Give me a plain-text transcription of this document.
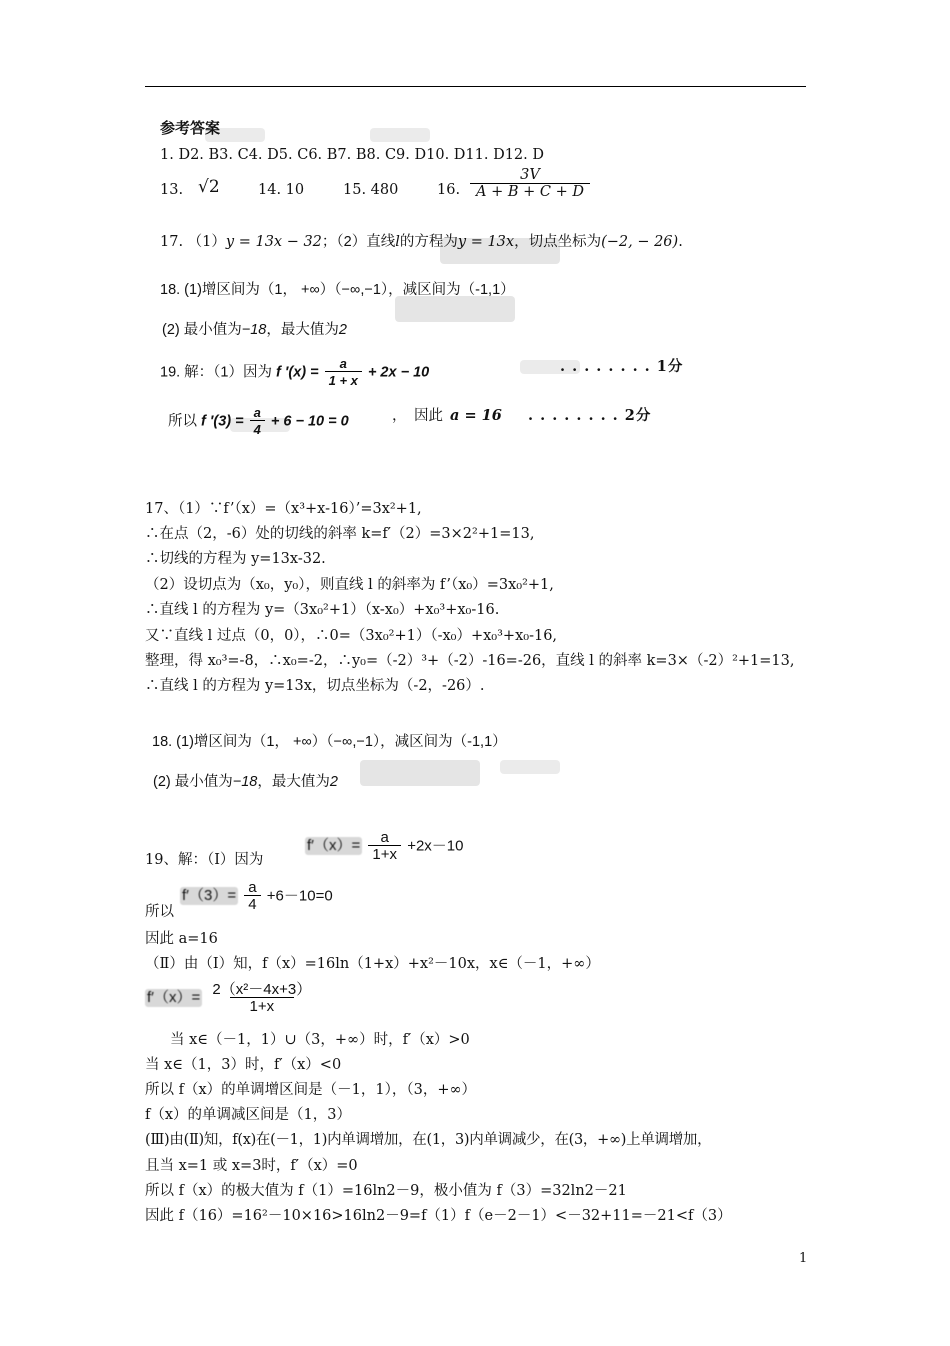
参考答案
1. D2. B3. C4. D5. C6. B7. B8. C9. D10. D11. D12. D
13. √2	14. 10	15. 480	16. $\frac{3V}{A + B + C + D}$
17. （1）y = 13x − 32；（2）直线l的方程为y = 13x，切点坐标为(−2, − 26).
18. (1)增区间为（1， +∞）（−∞,−1），减区间为（-1,1）
(2) 最小值为−18，最大值为2
19. 解：（1）因为 f $'(x) = \frac{a}{1 + x} + 2x - 10$	. . . . . . . . 1分
所以 f $'(3) = \frac{a}{4} + 6 - 10 = 0$	， 因此 a = 16 . . . . . . . . 2分
17、（1）∵f’（x）=（x³+x-16）’=3x²+1,
∴在点（2，-6）处的切线的斜率 k=f′（2）=3×2²+1=13,
∴切线的方程为 y=13x-32.
（2）设切点为（x₀，y₀），则直线 l 的斜率为 f’（x₀）=3x₀²+1,
∴直线 l 的方程为 y=（3x₀²+1）（x-x₀）+x₀³+x₀-16.
又∵直线 l 过点（0，0），∴0=（3x₀²+1）（-x₀）+x₀³+x₀-16,
整理，得 x₀³=-8，∴x₀=-2，∴y₀=（-2）³+（-2）-16=-26，直线 l 的斜率 k=3×（-2）²+1=13,
∴直线 l 的方程为 y=13x，切点坐标为（-2，-26）.
18. (1)增区间为（1， +∞）（−∞,−1），减区间为（-1,1）
(2) 最小值为−18，最大值为2
19、解：（Ⅰ）因为
$f'(x)= \frac{a}{1+x} +2x-10$
$f'(3)= \frac{a}{4} +6-10=0$
所以
因此 a=16
（Ⅱ）由（Ⅰ）知，f（x）=16ln（1+x）+x²－10x，x∈（－1，+∞）
$f'(x)= \frac{\text{2（x²－4x+3）}}{1+x}$
当 x∈（－1，1）∪（3，+∞）时，f′（x）>0
当 x∈（1，3）时，f′（x）<0
所以 f（x）的单调增区间是（－1，1），（3，+∞）
f（x）的单调减区间是（1，3）
(Ⅲ)由(Ⅱ)知，f(x)在(－1，1)内单调增加，在(1，3)内单调减少，在(3，+∞)上单调增加，
且当 x=1 或 x=3时，f′（x）=0
所以 f（x）的极大值为 f（1）=16ln2－9，极小值为 f（3）=32ln2－21
因此 f（16）=16²－10×16>16ln2－9=f（1）f（e－2－1）<－32+11=－21<f（3）
1
